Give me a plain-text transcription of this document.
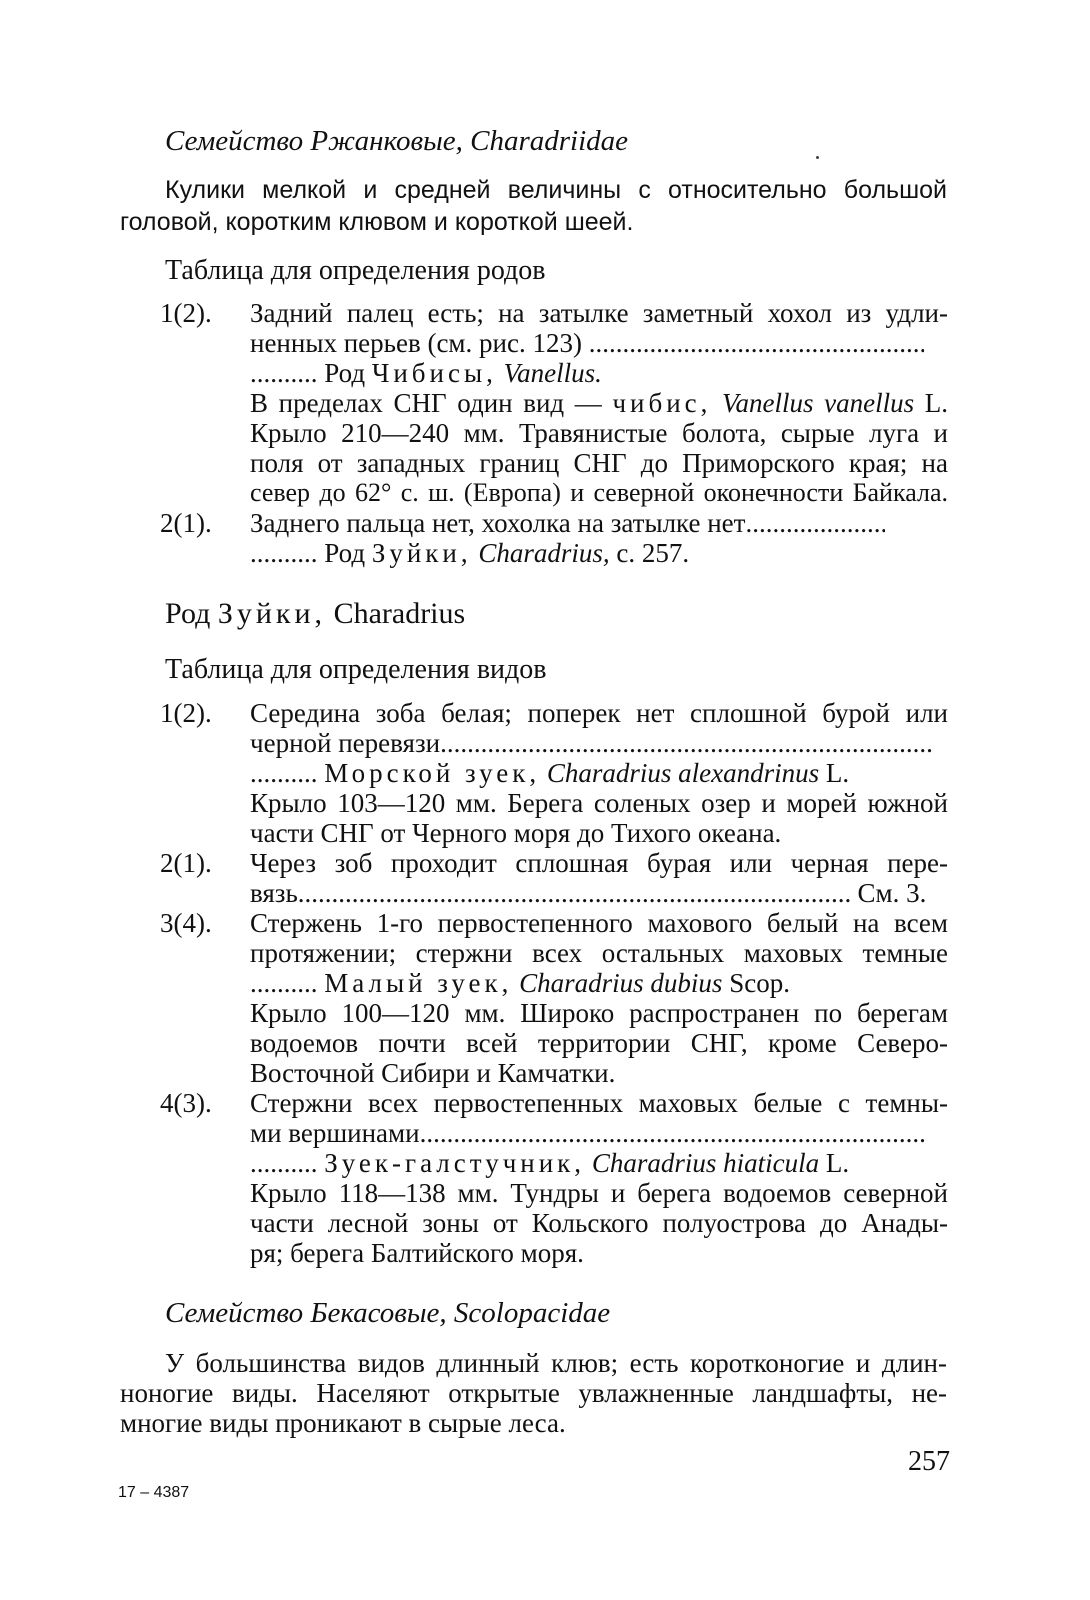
Семейство Ржанковые, Charadriidae
Кулики мелкой и средней величины с относительно большой
головой, коротким клювом и короткой шеей.
Таблица для определения родов
1(2). Задний палец есть; на затылке заметный хохол из удли-
ненных перьев (см. рис. 123) .....
.......... Род Чибисы, Vanellus.
В пределах СНГ один вид — чибис, Vanellus vanellus L.
Крыло 210—240 мм. Травянистые болота, сырые луга и
поля от западных границ СНГ до Приморского края; на
север до 62° с. ш. (Европа) и северной оконечности Байкала.
2(1). Заднего пальца нет, хохолка на затылке нет.....
.......... Род Зуйки, Charadrius, с. 257.
Род Зуйки, Charadrius
Таблица для определения видов
1(2). Середина зоба белая; поперек нет сплошной бурой или
черной перевязи.....
.......... Морской зуек, Charadrius alexandrinus L.
Крыло 103—120 мм. Берега соленых озер и морей южной
части СНГ от Черного моря до Тихого океана.
2(1). Через зоб проходит сплошная бурая или черная пере-
вязь.....	См. 3.
3(4). Стержень 1-го первостепенного махового белый на всем
протяжении; стержни всех остальных маховых темные
.......... Малый зуек, Charadrius dubius Scop.
Крыло 100—120 мм. Широко распространен по берегам
водоемов почти всей территории СНГ, кроме Северо-
Восточной Сибири и Камчатки.
4(3). Стержни всех первостепенных маховых белые с темны-
ми вершинами.....
.......... Зуек-галстучник, Charadrius hiaticula L.
Крыло 118—138 мм. Тундры и берега водоемов северной
части лесной зоны от Кольского полуострова до Анады-
ря; берега Балтийского моря.
Семейство Бекасовые, Scolopacidae
У большинства видов длинный клюв; есть коротконогие и длин-
ноногие виды. Населяют открытые увлажненные ландшафты, не-
многие виды проникают в сырые леса.
257
17 – 4387
